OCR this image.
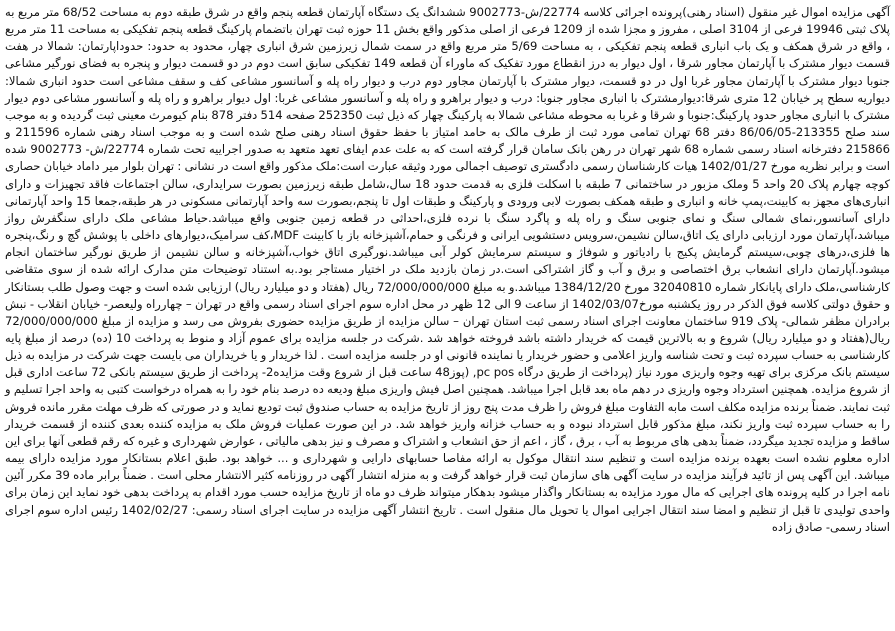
آگهی مزایده اموال غیر منقول (اسناد رهنی)پرونده اجرائی کلاسه 22774/ش-9002773 ششدانگ یک دستگاه آپارتمان قطعه پنجم واقع در شرق طبقه دوم به مساحت 68/52 متر مربع به پلاک ثبتی 19946 فرعی از 3104 اصلی ، مفروز و مجزا شده از 1209 فرعی از اصلی مذکور واقع بخش 11 حوزه ثبت تهران باتضمام پارکینگ قطعه پنجم تفکیکی به مساحت 11 متر مربع ، واقع در شرق همکف و یک باب انباری قطعه پنجم تفکیکی ، به مساحت 5/69 متر مربع واقع در سمت شمال زیرزمین شرق انباری چهار، محدود به حدود: حدوداپارتمان: شمالا در هفت قسمت دیوار مشترک با آپارتمان مجاور شرقا ، اول دیوار به درز انقطاع مورد تفکیک که ماوراء آن قطعه 149 تفکیکی سابق است دوم در دو قسمت دیوار و پنجره به فضای نورگیر مشاعی جنوبا دیوار مشترک با آپارتمان مجاور غربا اول در دو قسمت، دیوار مشترک با آپارتمان مجاور دوم درب و دیوار راه پله و آسانسور مشاعی کف و سقف مشاعی است حدود انباری شمالا: دیواریه سطح پر خیابان 12 متری شرقا:دیوارمشترک با انباری مجاور جنوبا: درب و دیوار براهرو و راه پله و آسانسور مشاعی غربا: اول دیوار براهرو و راه پله و آسانسور مشاعی دوم دیوار مشترک با انباری مجاور حدود پارکینگ:جنوبا و شرقا و غربا به محوطه مشاعی شمالا به پارکینگ چهار که ذیل ثبت 252350 صفحه 514 دفتر 878 بنام کیومرث معینی ثبت گردیده و به موجب سند صلح 213355-86/06/05 دفتر 68 تهران تمامی مورد ثبت از طرف مالک به حامد امتیاز با حفظ حقوق اسناد رهنی صلح شده است و به موجب اسناد رهنی شماره 211596 و 215866 دفترخانه اسناد رسمی شماره 68 شهر تهران در رهن بانک سامان قرار گرفته است که به علت عدم ایفای تعهد متعهد به صدور اجراییه تحت شماره 22774/ش- 9002773 شده است و برابر نظریه مورخ 1402/01/27 هیات کارشناسان رسمی دادگستری توصیف اجمالی مورد وثیقه عبارت است:ملک مذکور واقع است در نشانی : تهران بلوار میر داماد خیابان حصاری کوچه چهارم پلاک 20 واحد 5 وملک مزبور در ساختمانی 7 طبقه با اسکلت فلزی به قدمت حدود 18 سال،شامل طبقه زیرزمین بصورت سرایداری، سالن اجتماعات فاقد تجهیزات و دارای انباری‌های مجهز به کابینت،پمپ خانه و انباری و طبقه همکف بصورت لابی ورودی و پارکینگ و طبقات اول تا پنجم،بصورت سه واحد آپارتمانی مسکونی در هر طبقه،جمعا 15 واحد آپارتمانی دارای آسانسور،نمای شمالی سنگ و نمای جنوبی سنگ و راه پله و پاگرد سنگ با نرده فلزی،احداثی در قطعه زمین جنوبی واقع میباشد.حیاط مشاعی ملک دارای سنگفرش رواز میباشد،آپارتمان مورد ارزیابی دارای یک اتاق،سالن نشیمن،سرویس دستشویی ایرانی و فرنگی و حمام،آشپزخانه باز با کابینت MDF،کف سرامیک،دیوارهای داخلی با پوشش گچ و رنگ،پنجره ها فلزی،درهای چوبی،سیستم گرمایش پکیج با رادیاتور و شوفاژ و سیستم سرمایش کولر آبی میباشد.نورگیری اتاق خواب،آشپزخانه و سالن نشیمن از طریق نورگیر ساختمان انجام میشود.آپارتمان دارای انشعاب برق اختصاصی و برق و آب و گاز اشتراکی است.در زمان بازدید ملک در اختیار مستاجر بود.به استناد توضیحات متن مدارک ارائه شده از سوی متقاضی کارشناسی،ملک دارای پایانکار شماره 32040810 مورخ 1384/12/20 میباشد.و به مبلغ 72/000/000/000 ریال (هفتاد و دو میلیارد ریال) ارزیابی شده است و جهت وصول طلب بستانکار و حقوق دولتی کلاسه فوق الذکر در روز یکشنبه مورخ1402/03/07 از ساعت 9 الی 12 ظهر در محل اداره سوم اجرای اسناد رسمی واقع در تهران – چهارراه ولیعصر- خیابان انقلاب - نبش برادران مظفر شمالی- پلاک 919 ساختمان معاونت اجرای اسناد رسمی ثبت استان تهران – سالن مزایده از طریق مزایده حضوری بفروش می رسد و مزایده از مبلغ 72/000/000/000 ریال(هفتاد و دو میلیارد ریال) شروع و به بالاترین قیمت که خریدار داشته باشد فروخته خواهد شد .شرکت در جلسه مزایده برای عموم آزاد و منوط به پرداخت 10 (ده) درصد از مبلغ پایه کارشناسی به حساب سپرده ثبت و تحت شناسه واریز اعلامی و حضور خریدار یا نماینده قانونی او در جلسه مزایده است . لذا خریدار و یا خریداران می بایست جهت شرکت در مزایده به ذیل سیستم بانک مرکزی برای تهیه وجوه واریزی مورد نیاز (پرداخت از طریق درگاه pc pos, (پوز48 ساعت قبل از شروع وقت مزایده2- پرداخت از طریق سیستم بانکی 72 ساعت اداری قبل از شروع مزایده. همچنین استرداد وجوه واریزی در دهم ماه بعد قابل اجرا میباشد. همچنین اصل فیش واریزی مبلغ ودیعه ده درصد بنام خود را به همراه درخواست کتبی به واحد اجرا تسلیم و ثبت نمایند. ضمناً برنده مزایده مکلف است مابه التفاوت مبلغ فروش را ظرف مدت پنج روز از تاریخ مزایده به حساب صندوق ثبت تودیع نماید و در صورتی که ظرف مهلت مقرر مانده فروش را به حساب سپرده ثبت واریز نکند، مبلغ مذکور قابل استرداد نبوده و به حساب خزانه واریز خواهد شد. در این صورت عملیات فروش ملک به مزایده کننده بعدی کننده از قسمت خریدار ساقط و مزایده تجدید میگردد، ضمناً بدهی های مربوط به آب ، برق ، گاز ، اعم از حق انشعاب و اشتراک و مصرف و نیز بدهی مالیاتی ، عوارض شهرداری و غیره که رقم قطعی آنها برای این اداره معلوم نشده است بعهده برنده مزایده است و تنظیم سند انتقال موکول به ارائه مفاصا حسابهای دارایی و شهرداری و ... خواهد بود. طبق اعلام بستانکار مورد مزایده دارای بیمه میباشد. این آگهی پس از تائید فرآیند مزایده در سایت آگهی های سازمان ثبت قرار خواهد گرفت و به منزله انتشار آگهی در روزنامه کثیر الانتشار محلی است . ضمناً برابر ماده 39 مکرر آئین نامه اجرا در کلیه پرونده های اجرایی که مال مورد مزایده به بستانکار واگذار میشود بدهکار میتواند ظرف دو ماه از تاریخ مزایده حسب مورد اقدام به پرداخت بدهی خود نماید این زمان برای واحدی تولیدی تا قبل از تنظیم و امضا سند انتقال اجرایی اموال یا تحویل مال منقول است . تاریخ انتشار آگهی مزایده در سایت اجرای اسناد رسمی: 1402/02/27 رئیس اداره سوم اجرای اسناد رسمی- صادق زاده
